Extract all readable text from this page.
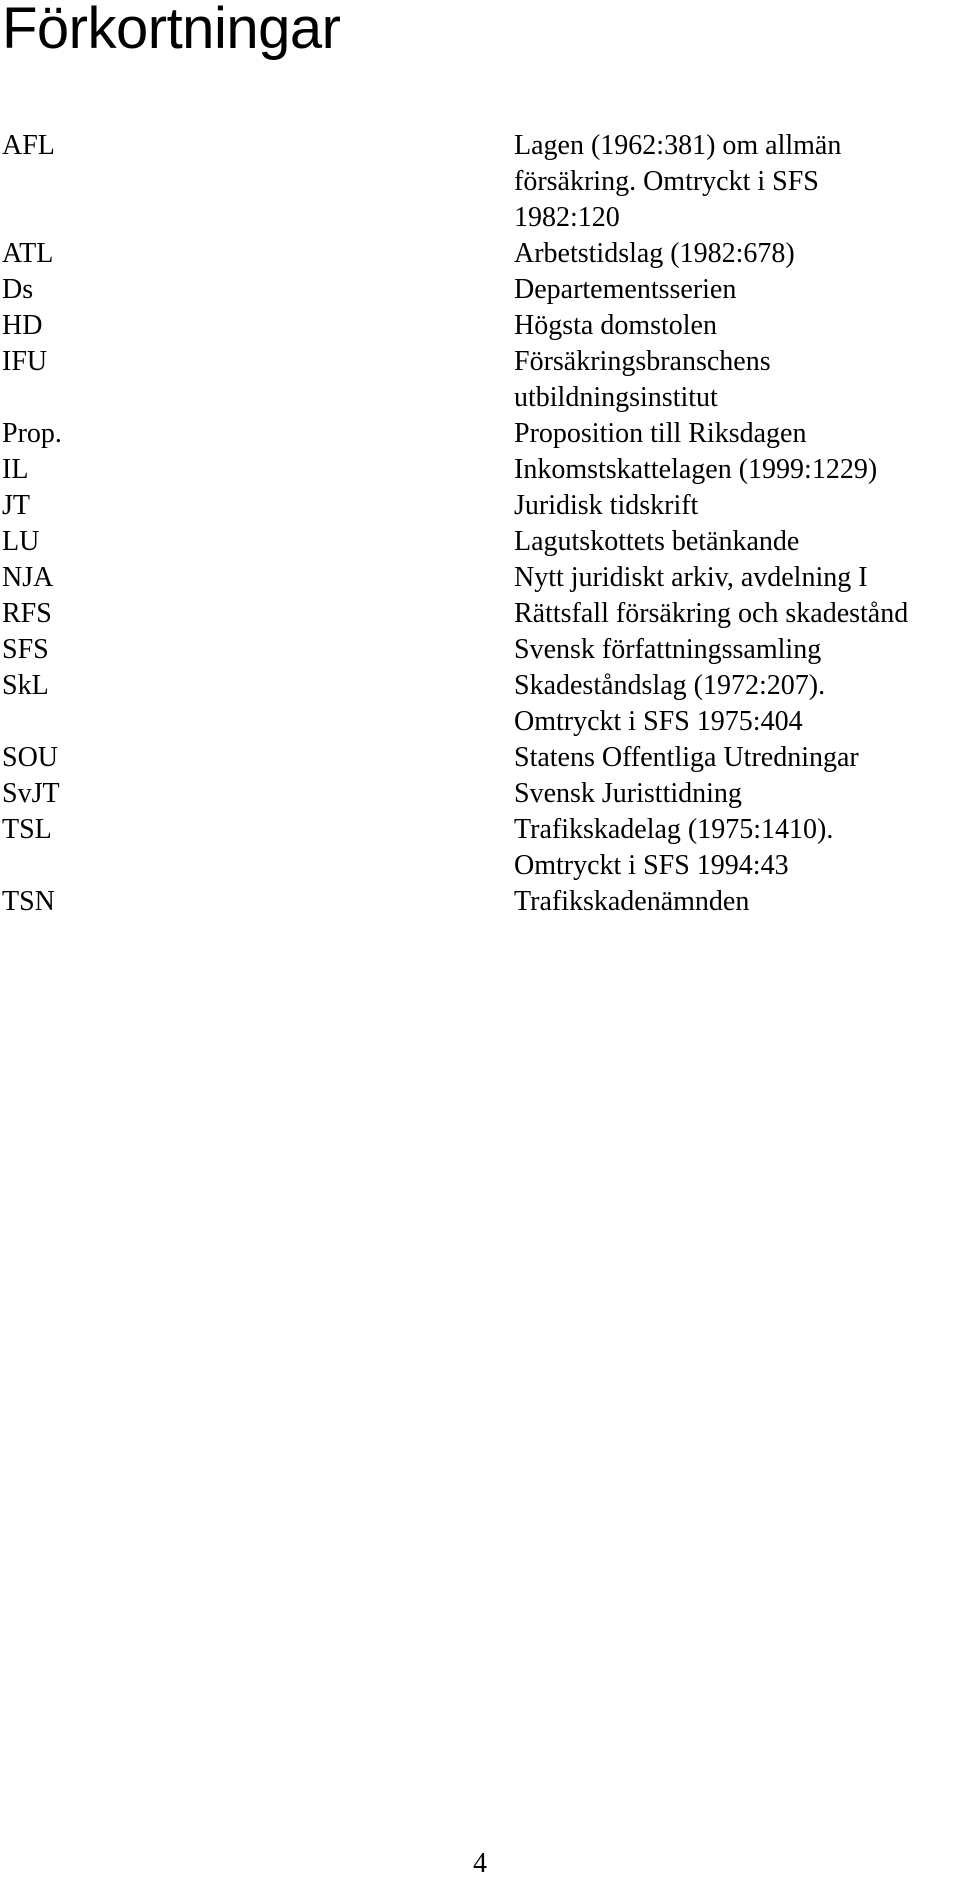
Förkortningar
AFL	Lagen (1962:381) om allmän
försäkring. Omtryckt i SFS
1982:120
ATL	Arbetstidslag (1982:678)
Ds	Departementsserien
HD	Högsta domstolen
IFU	Försäkringsbranschens
utbildningsinstitut
Prop.	Proposition till Riksdagen
IL	Inkomstskattelagen (1999:1229)
JT	Juridisk tidskrift
LU	Lagutskottets betänkande
NJA	Nytt juridiskt arkiv, avdelning I
RFS	Rättsfall försäkring och skadestånd
SFS	Svensk författningssamling
SkL	Skadeståndslag (1972:207).
Omtryckt i SFS 1975:404
SOU	Statens Offentliga Utredningar
SvJT	Svensk Juristtidning
TSL	Trafikskadelag (1975:1410).
Omtryckt i SFS 1994:43
TSN	Trafikskadenämnden
4
